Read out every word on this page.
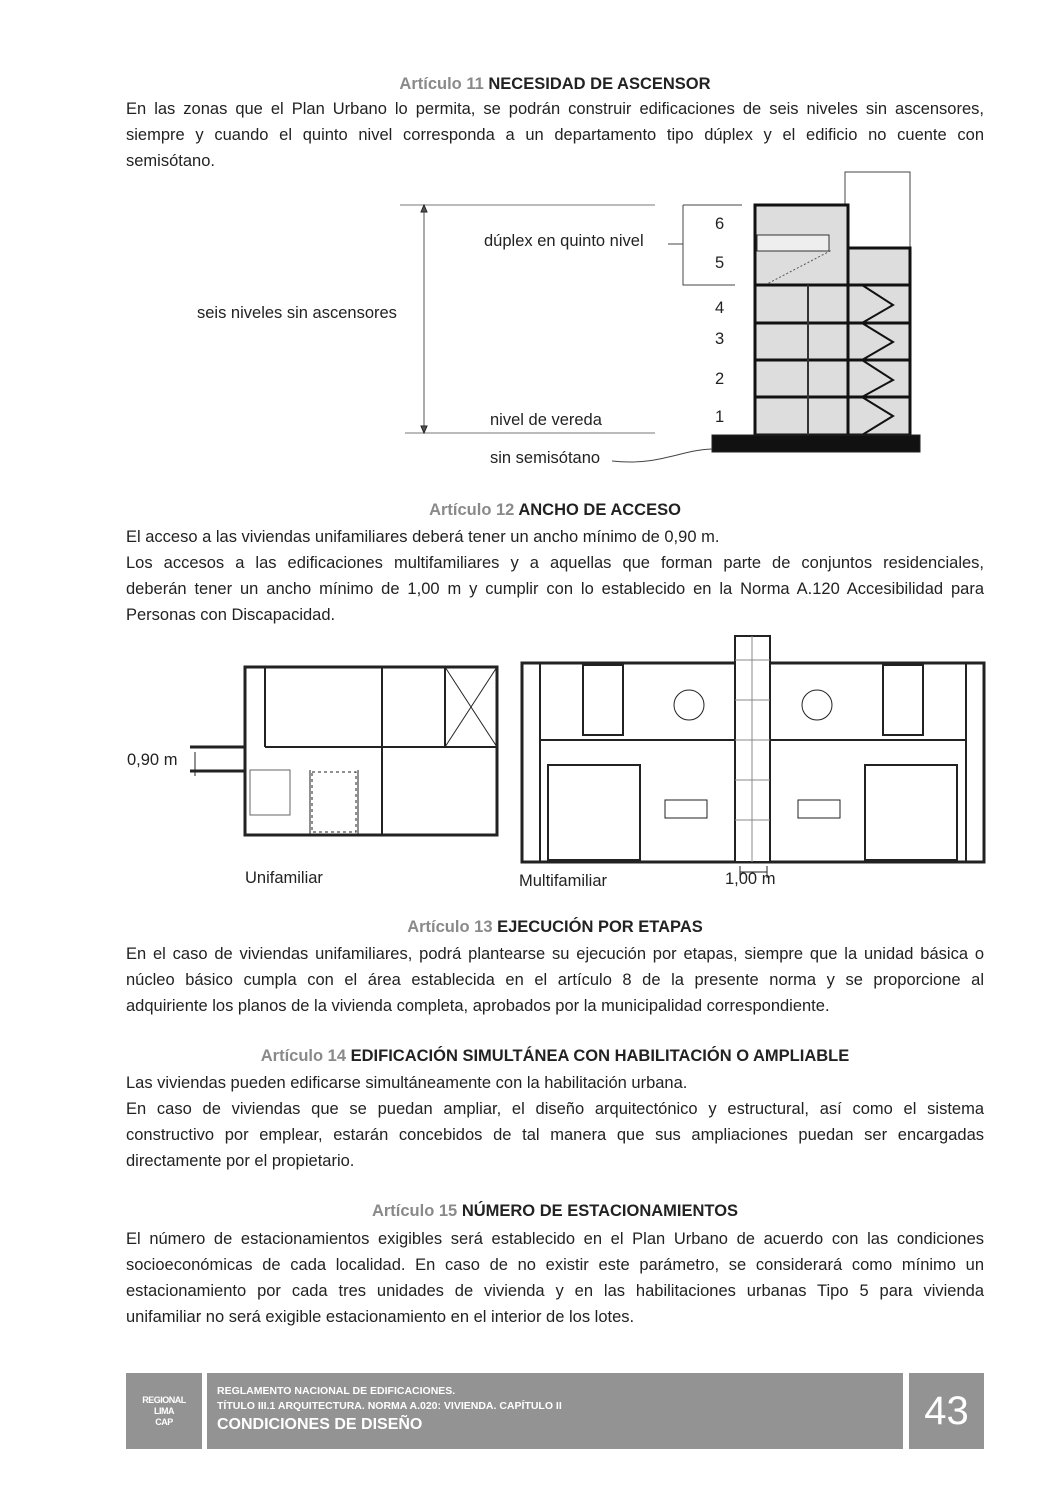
Artículo 11 NECESIDAD DE ASCENSOR
En las zonas que el Plan Urbano lo permita, se podrán construir edificaciones de seis niveles sin ascensores,
siempre y cuando el quinto nivel corresponda a un departamento tipo dúplex y el edificio no cuente con
semisótano.
dúplex en quinto nivel
seis niveles sin ascensores
nivel de vereda
sin semisótano
6
5
4
3
2
1
Artículo 12 ANCHO DE ACCESO
El acceso a las viviendas unifamiliares deberá tener un ancho mínimo de 0,90 m.
Los accesos a las edificaciones multifamiliares y a aquellas que forman parte de conjuntos residenciales,
deberán tener un ancho mínimo de 1,00 m y cumplir con lo establecido en la Norma A.120 Accesibilidad para
Personas con Discapacidad.
0,90 m
1,00 m
Unifamiliar	Multifamiliar
Artículo 13 EJECUCIÓN POR ETAPAS
En el caso de viviendas unifamiliares, podrá plantearse su ejecución por etapas, siempre que la unidad básica o
núcleo básico cumpla con el área establecida en el artículo 8 de la presente norma y se proporcione al
adquiriente los planos de la vivienda completa, aprobados por la municipalidad correspondiente.
Artículo 14 EDIFICACIÓN SIMULTÁNEA CON HABILITACIÓN O AMPLIABLE
Las viviendas pueden edificarse simultáneamente con la habilitación urbana.
En caso de viviendas que se puedan ampliar, el diseño arquitectónico y estructural, así como el sistema
constructivo por emplear, estarán concebidos de tal manera que sus ampliaciones puedan ser encargadas
directamente por el propietario.
Artículo 15 NÚMERO DE ESTACIONAMIENTOS
El número de estacionamientos exigibles será establecido en el Plan Urbano de acuerdo con las condiciones
socioeconómicas de cada localidad. En caso de no existir este parámetro, se considerará como mínimo un
estacionamiento por cada tres unidades de vivienda y en las habilitaciones urbanas Tipo 5 para vivienda
unifamiliar no será exigible estacionamiento en el interior de los lotes.
REGIONAL
LIMA
CAP
REGLAMENTO NACIONAL DE EDIFICACIONES.
TÍTULO III.1 ARQUITECTURA. NORMA A.020: VIVIENDA. CAPÍTULO II
CONDICIONES DE DISEÑO	43
